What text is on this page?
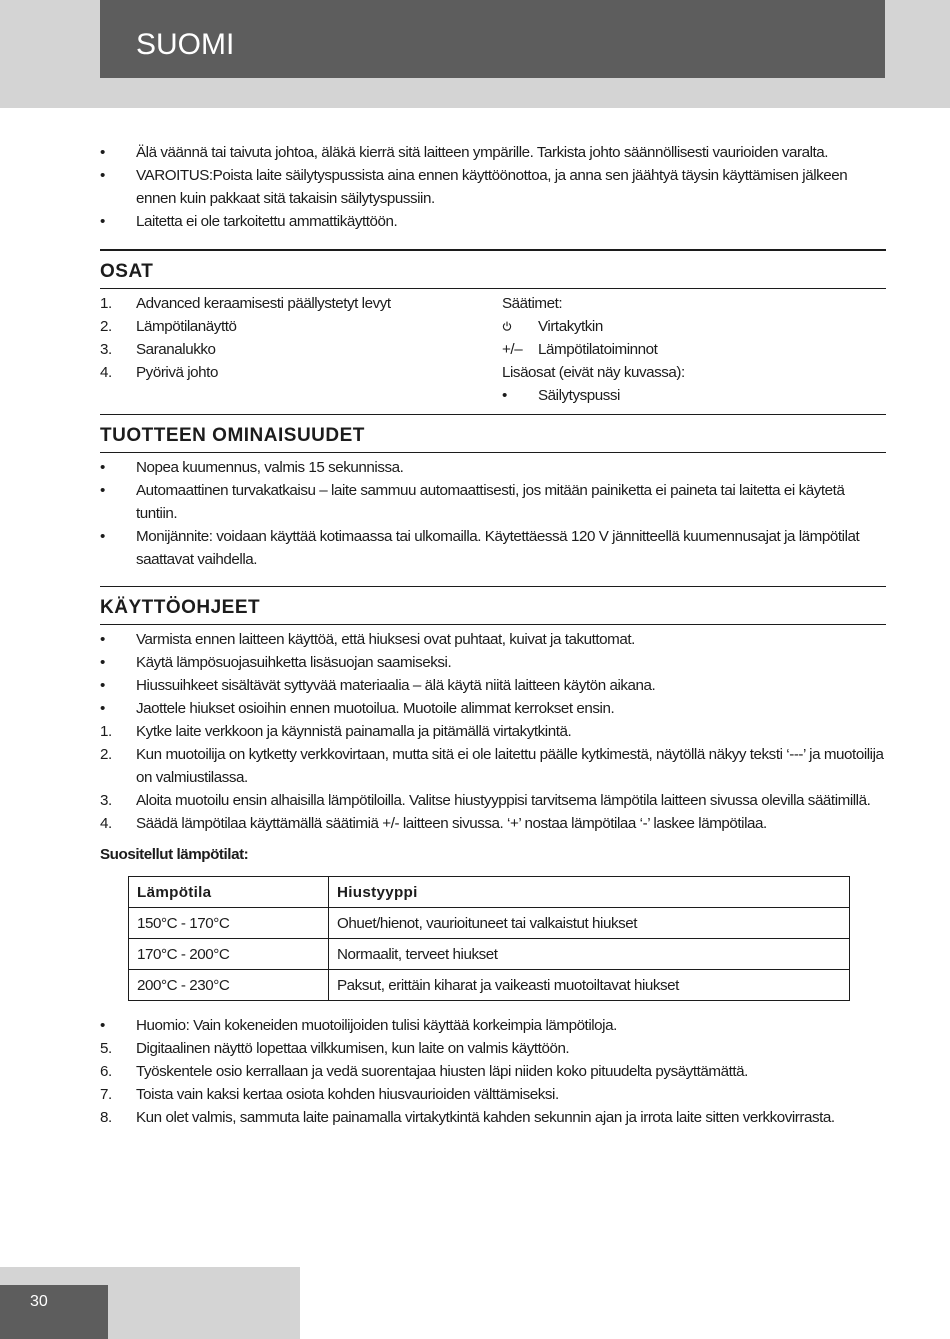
SUOMI
• Älä väännä tai taivuta johtoa, äläkä kierrä sitä laitteen ympärille. Tarkista johto säännöllisesti vaurioiden varalta.
• VAROITUS:Poista laite säilytyspussista aina ennen käyttöönottoa, ja anna sen jäähtyä täysin käyttämisen jälkeen ennen kuin pakkaat sitä takaisin säilytyspussiin.
• Laitetta ei ole tarkoitettu ammattikäyttöön.
OSAT
1. Advanced keraamisesti päällystetyt levyt
2. Lämpötilanäyttö
3. Saranalukko
4. Pyörivä johto
Säätimet:
Virtakytkin
+/– Lämpötilatoiminnot
Lisäosat (eivät näy kuvassa):
• Säilytyspussi
TUOTTEEN OMINAISUUDET
• Nopea kuumennus, valmis 15 sekunnissa.
• Automaattinen turvakatkaisu – laite sammuu automaattisesti, jos mitään painiketta ei paineta tai laitetta ei käytetä tuntiin.
• Monijännite: voidaan käyttää kotimaassa tai ulkomailla. Käytettäessä 120 V jännitteellä kuumennusajat ja lämpötilat saattavat vaihdella.
KÄYTTÖOHJEET
• Varmista ennen laitteen käyttöä, että hiuksesi ovat puhtaat, kuivat ja takuttomat.
• Käytä lämpösuojasuihketta lisäsuojan saamiseksi.
• Hiussuihkeet sisältävät syttyvää materiaalia – älä käytä niitä laitteen käytön aikana.
• Jaottele hiukset osioihin ennen muotoilua. Muotoile alimmat kerrokset ensin.
1. Kytke laite verkkoon ja käynnistä painamalla ja pitämällä virtakytkintä.
2. Kun muotoilija on kytketty verkkovirtaan, mutta sitä ei ole laitettu päälle kytkimestä, näytöllä näkyy teksti ‘---’ ja muotoilija on valmiustilassa.
3. Aloita muotoilu ensin alhaisilla lämpötiloilla. Valitse hiustyyppisi tarvitsema lämpötila laitteen sivussa olevilla säätimillä.
4. Säädä lämpötilaa käyttämällä säätimiä +/- laitteen sivussa. ‘+’ nostaa lämpötilaa ‘-’ laskee lämpötilaa.
Suositellut lämpötilat:
Lämpötila	Hiustyyppi
150°C - 170°C	Ohuet/hienot, vaurioituneet tai valkaistut hiukset
170°C - 200°C	Normaalit, terveet hiukset
200°C - 230°C	Paksut, erittäin kiharat ja vaikeasti muotoiltavat hiukset
• Huomio: Vain kokeneiden muotoilijoiden tulisi käyttää korkeimpia lämpötiloja.
5. Digitaalinen näyttö lopettaa vilkkumisen, kun laite on valmis käyttöön.
6. Työskentele osio kerrallaan ja vedä suorentajaa hiusten läpi niiden koko pituudelta pysäyttämättä.
7. Toista vain kaksi kertaa osiota kohden hiusvaurioiden välttämiseksi.
8. Kun olet valmis, sammuta laite painamalla virtakytkintä kahden sekunnin ajan ja irrota laite sitten verkkovirrasta.
30
